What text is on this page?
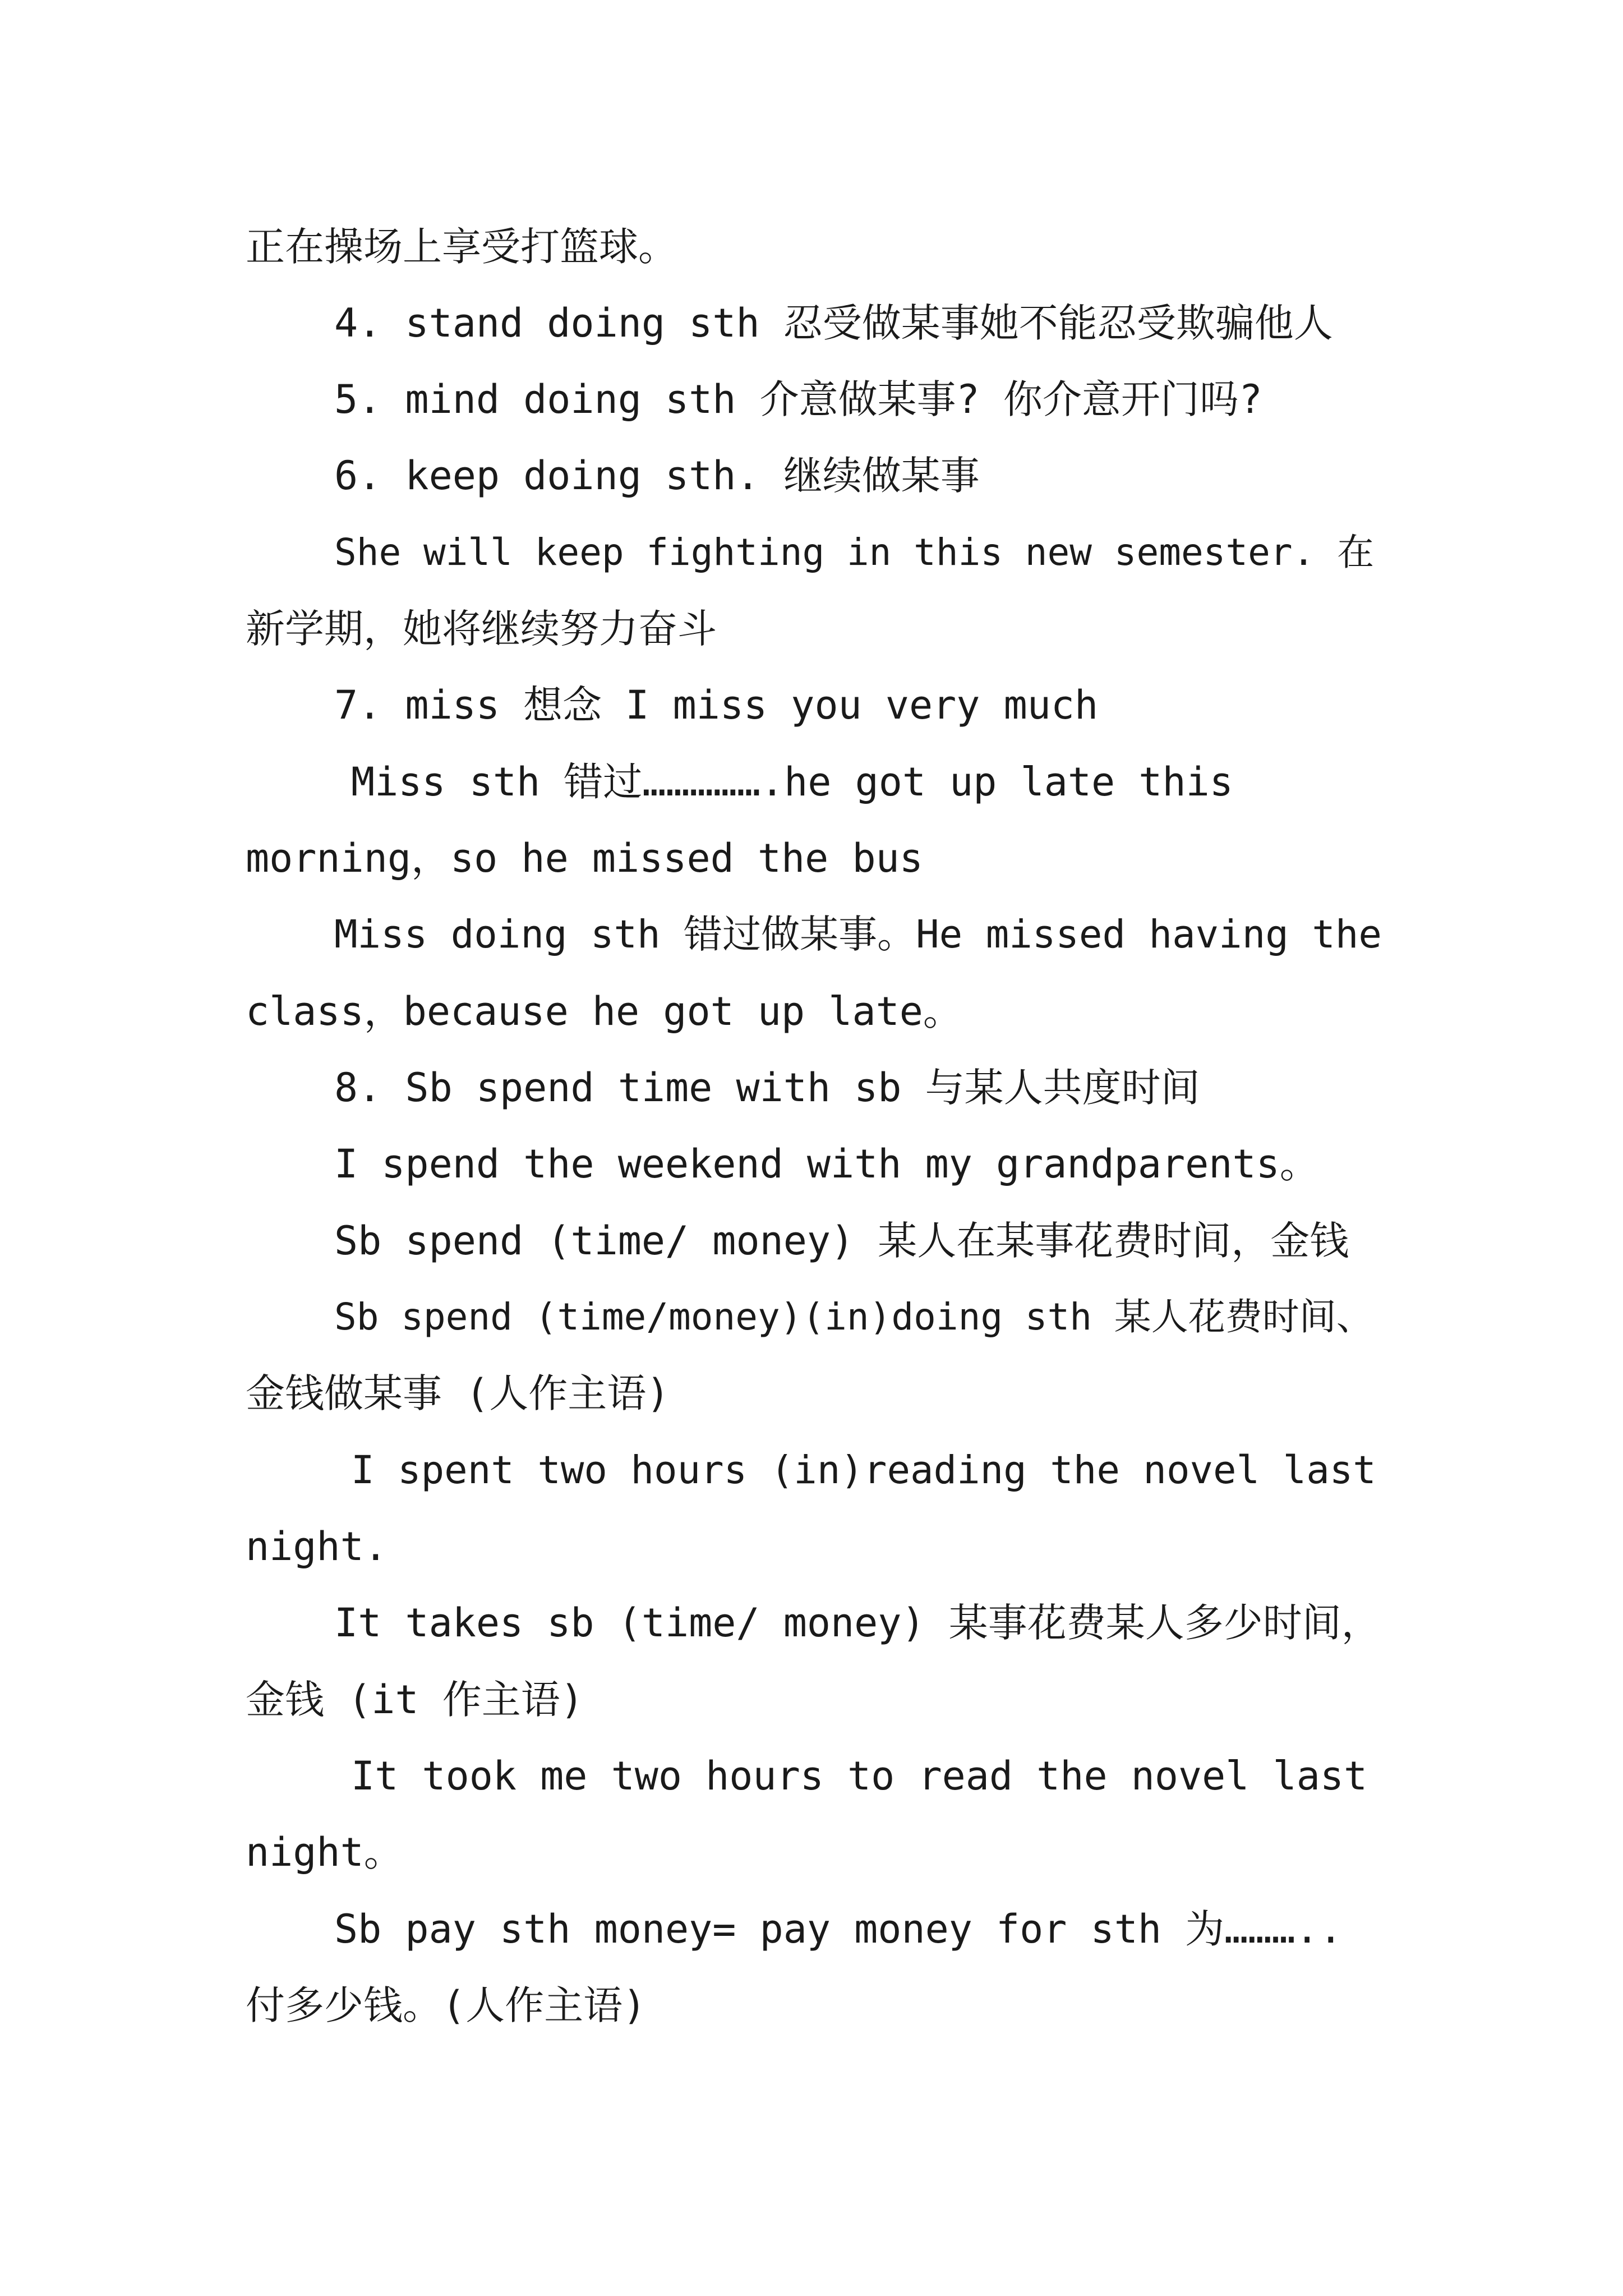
正在操场上享受打篮球。

4. stand doing sth 忍受做某事她不能忍受欺骗他人

5. mind doing sth 介意做某事? 你介意开门吗?

6. keep doing sth. 继续做某事

She will keep fighting in this new semester. 在

新学期，她将继续努力奋斗

7. miss 想念 I miss you very much

Miss sth 错过…………….he got up late this

morning，so he missed the bus

Miss doing sth 错过做某事。He missed having the

class，because he got up late。

8. Sb spend time with sb 与某人共度时间

I spend the weekend with my grandparents。

Sb spend (time/ money) 某人在某事花费时间，金钱

Sb spend (time/money)(in)doing sth 某人花费时间、

金钱做某事 (人作主语)

I spent two hours (in)reading the novel last

night.

It takes sb (time/ money) 某事花费某人多少时间，

金钱 (it 作主语)

It took me two hours to read the novel last

night。

Sb pay sth money= pay money for sth 为………..

付多少钱。(人作主语)
